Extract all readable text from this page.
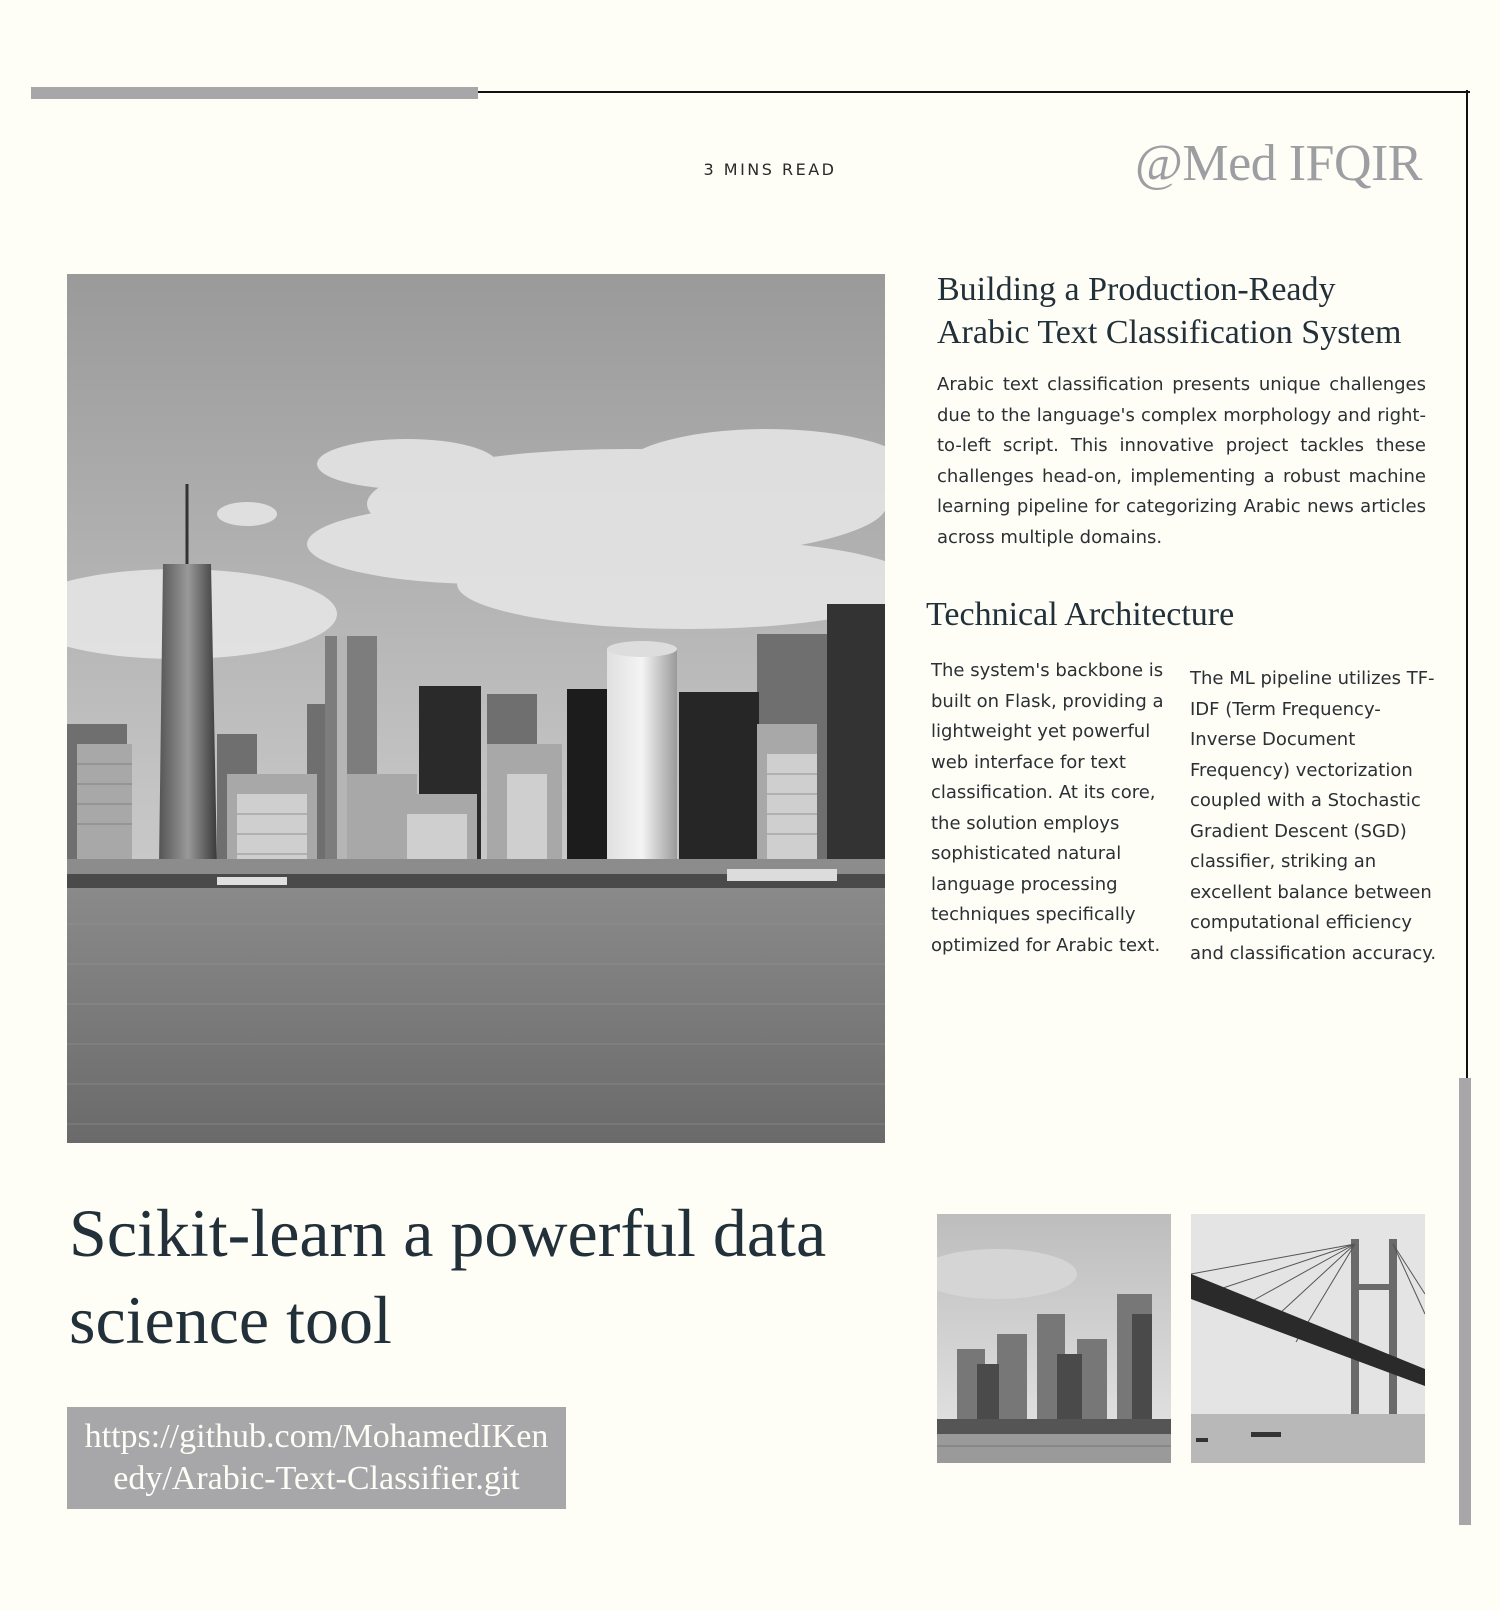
3 MINS READ	@Med IFQIR
Building a Production-Ready Arabic Text Classification System
Arabic text classification presents unique challenges due to the language's complex morphology and right-to-left script. This innovative project tackles these challenges head-on, implementing a robust machine learning pipeline for categorizing Arabic news articles across multiple domains.
Technical Architecture
The system's backbone is built on Flask, providing a lightweight yet powerful web interface for text classification. At its core, the solution employs sophisticated natural language processing techniques specifically optimized for Arabic text.
The ML pipeline utilizes TF-IDF (Term Frequency-Inverse Document Frequency) vectorization coupled with a Stochastic Gradient Descent (SGD) classifier, striking an excellent balance between computational efficiency and classification accuracy.
Scikit-learn a powerful data science tool
https://github.com/MohamedIKenedy/Arabic-Text-Classifier.git
